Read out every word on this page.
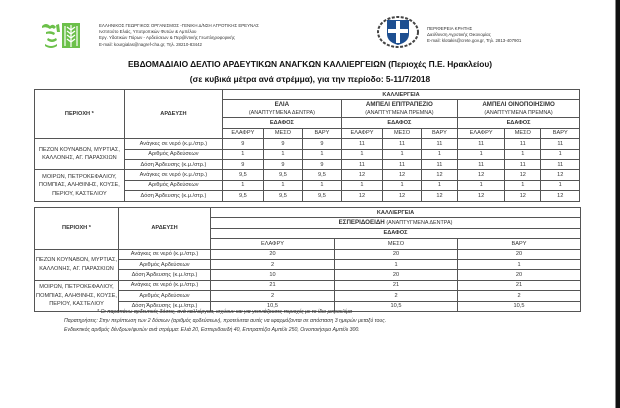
ΕΛΛΗΝΙΚΟΣ ΓΕΩΡΓΙΚΟΣ ΟΡΓΑΝΙΣΜΟΣ -ΓΕΝΙΚΗ Δ/ΝΣΗ ΑΓΡΟΤΙΚΗΣ ΕΡΕΥΝΑΣ
Ινστιτούτο Ελιάς, Υποτροπικών Φυτών & Αμπέλου
Εργ. Υδατικών Πόρων - Αρδεύσεων & Περιβ/ντικής Γεωπληροφορικής
E-mail: kourgialas@nagref-cha.gr, Τηλ. 28210-83442
ΠΕΡΙΦΕΡΕΙΑ ΚΡΗΤΗΣ
Διεύθυνση Αγροτικής Οικονομίας
E-mail: klotakis@crete.gov.gr, Τηλ. 2813-407901
ΕΒΔΟΜΑΔΙΑΙΟ ΔΕΛΤΙΟ ΑΡΔΕΥΤΙΚΩΝ ΑΝΑΓΚΩΝ ΚΑΛΛΙΕΡΓΕΙΩΝ (Περιοχές Π.Ε. Ηρακλείου)
(σε κυβικά μέτρα ανά στρέμμα), για την περίοδο: 5-11/7/2018
ΠΕΡΙΟΧΗ *	ΑΡΔΕΥΣΗ	ΚΑΛΛΙΕΡΓΕΙΑ								

ΕΛΙΑ
(ΑΝΑΠΤΥΓΜΕΝΑ ΔΕΝΤΡΑ)

ΑΜΠΕΛΙ ΕΠΙΤΡΑΠΕΖΙΟ
(ΑΝΑΠΤΥΓΜΕΝΑ ΠΡΕΜΝΑ)

ΑΜΠΕΛΙ ΟΙΝΟΠΟΙΗΣΙΜΟ
(ΑΝΑΠΤΥΓΜΕΝΑ ΠΡΕΜΝΑ)

		ΕΔΑΦΟΣ			ΕΔΑΦΟΣ			ΕΔΑΦΟΣ		
		ΕΛΑΦΡΥ	ΜΕΣΟ	ΒΑΡΥ	ΕΛΑΦΡΥ	ΜΕΣΟ	ΒΑΡΥ	ΕΛΑΦΡΥ	ΜΕΣΟ	ΒΑΡΥ
ΠΕΖΩΝ ΚΟΥΝΑΒΩΝ, ΜΥΡΤΙΑΣ, ΚΑΛΛΟΝΗΣ, ΑΓ. ΠΑΡΑΣΚΙΩΝ	Ανάγκες σε νερό (κ.μ./στρ.)	9	9	9	11	11	11	11	11	11
	Αριθμός Αρδεύσεων	1	1	1	1	1	1	1	1	1
	Δόση Άρδευσης (κ.μ./στρ.)	9	9	9	11	11	11	11	11	11
ΜΟΙΡΩΝ, ΠΕΤΡΟΚΕΦΑΛΙΟΥ, ΠΟΜΠΙΑΣ, ΑΛΗΘΙΝΗΣ, ΚΟΥΣΕ, ΠΕΡΙΟΥ, ΚΑΣΤΕΛΙΟΥ	Ανάγκες σε νερό (κ.μ./στρ.)	9,5	9,5	9,5	12	12	12	12	12	12
	Αριθμός Αρδεύσεων	1	1	1	1	1	1	1	1	1
	Δόση Άρδευσης (κ.μ./στρ.)	9,5	9,5	9,5	12	12	12	12	12	12
ΠΕΡΙΟΧΗ *	ΑΡΔΕΥΣΗ	ΚΑΛΛΙΕΡΓΕΙΑ		
		ΕΣΠΕΡΙΔΟΕΙΔΗ (ΑΝΑΠΤΥΓΜΕΝΑ ΔΕΝΤΡΑ)		
		ΕΔΑΦΟΣ		
		ΕΛΑΦΡΥ	ΜΕΣΟ	ΒΑΡΥ
ΠΕΖΩΝ ΚΟΥΝΑΒΩΝ, ΜΥΡΤΙΑΣ, ΚΑΛΛΟΝΗΣ, ΑΓ. ΠΑΡΑΣΚΙΩΝ	Ανάγκες σε νερό (κ.μ./στρ.)	20	20	20
	Αριθμός Αρδεύσεων	2	1	1
	Δόση Άρδευσης (κ.μ./στρ.)	10	20	20
ΜΟΙΡΩΝ, ΠΕΤΡΟΚΕΦΑΛΙΟΥ, ΠΟΜΠΙΑΣ, ΑΛΗΘΙΝΗΣ, ΚΟΥΣΕ, ΠΕΡΙΟΥ, ΚΑΣΤΕΛΙΟΥ	Ανάγκες σε νερό (κ.μ./στρ.)	21	21	21
	Αριθμός Αρδεύσεων	2	2	2
	Δόση Άρδευσης (κ.μ./στρ.)	10,5	10,5	10,5
* Οι παραπάνω αρδευτικές δόσεις, ανά καλλιέργεια, ισχύουν και για γειτνιάζουσες περιοχές με το ίδιο μικροκλίμα
Παρατηρήσεις: Στην περίπτωση των 2 δόσεων (αριθμός αρδεύσεων), προτείνεται αυτές να εφαρμόζονται σε απόσταση 3 ημερών μεταξύ τους.
Ενδεικτικός αριθμός δένδρων/φυτών ανά στρέμμα: Ελιά 20, Εσπεριδοειδή 40, Επιτραπέζιο Αμπέλι 250, Οινοποιήσιμο Αμπέλι 300.
